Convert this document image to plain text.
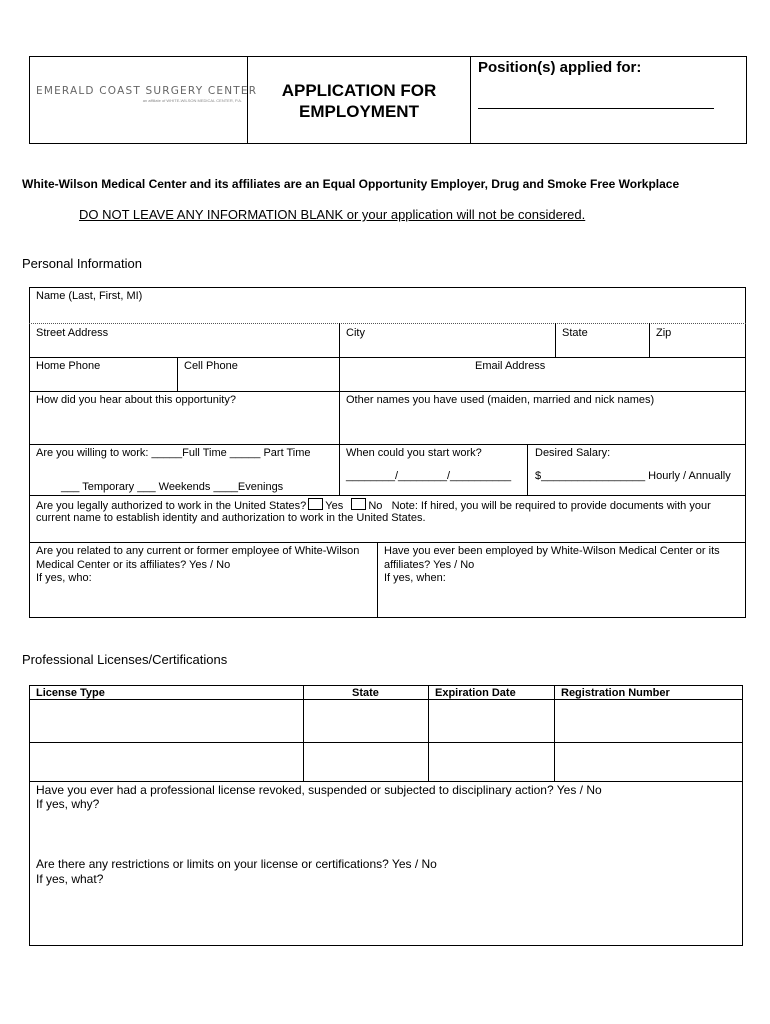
EMERALD COAST SURGERY CENTER
an affiliate of WHITE-WILSON MEDICAL CENTER, P.A.
APPLICATION FOR
EMPLOYMENT
Position(s) applied for:
White-Wilson Medical Center and its affiliates are an Equal Opportunity Employer, Drug and Smoke Free Workplace
DO NOT LEAVE ANY INFORMATION BLANK or your application will not be considered.
Personal Information
Name (Last, First, MI)
Street Address	City	State	Zip
Home Phone	Cell Phone	Email Address
How did you hear about this opportunity?	Other names you have used (maiden, married and nick names)
Are you willing to work: _____Full Time _____ Part Time
___ Temporary ___ Weekends ____Evenings
When could you start work?
________/________/__________
Desired Salary:
$_________________ Hourly / Annually
Are you legally authorized to work in the United States? Yes No Note: If hired, you will be required to provide documents with your
current name to establish identity and authorization to work in the United States.
Are you related to any current or former employee of White-Wilson
Medical Center or its affiliates? Yes / No
If yes, who:
Have you ever been employed by White-Wilson Medical Center or its
affiliates? Yes / No
If yes, when:
Professional Licenses/Certifications
License Type	State	Expiration Date	Registration Number
Have you ever had a professional license revoked, suspended or subjected to disciplinary action? Yes / No
If yes, why?
Are there any restrictions or limits on your license or certifications? Yes / No
If yes, what?
